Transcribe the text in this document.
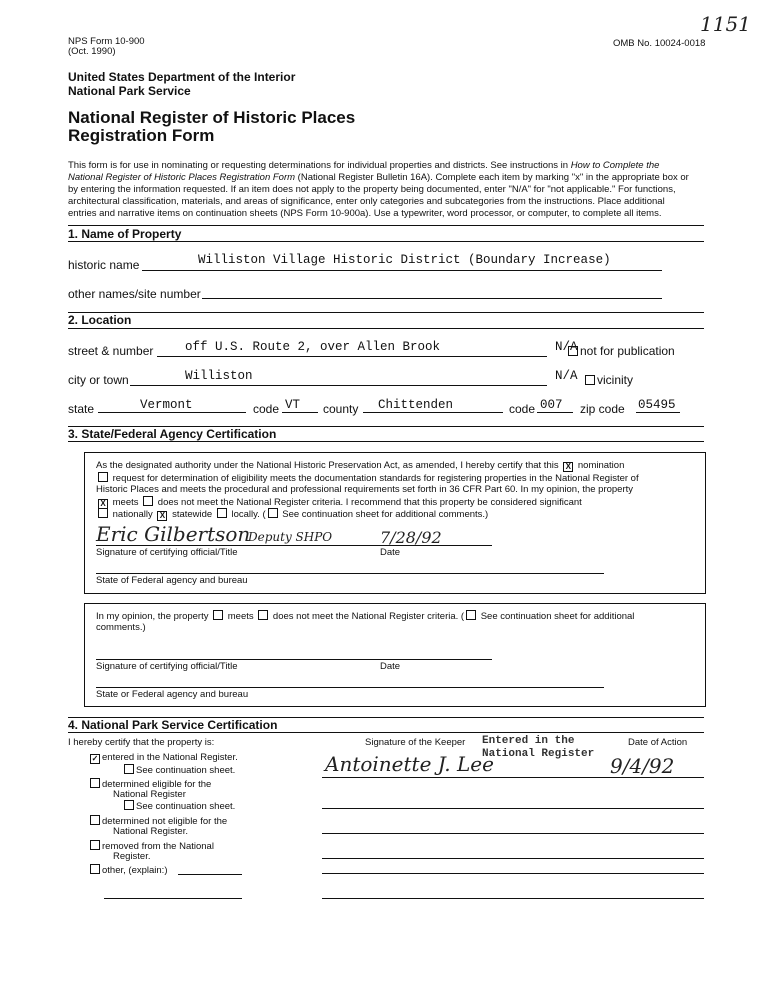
NPS Form 10-900
(Oct. 1990)
OMB No. 10024-0018
1151
United States Department of the Interior
National Park Service
National Register of Historic Places
Registration Form
This form is for use in nominating or requesting determinations for individual properties and districts. See instructions in How to Complete the
National Register of Historic Places Registration Form (National Register Bulletin 16A). Complete each item by marking "x" in the appropriate box or
by entering the information requested. If an item does not apply to the property being documented, enter "N/A" for "not applicable." For functions,
architectural classification, materials, and areas of significance, enter only categories and subcategories from the instructions. Place additional
entries and narrative items on continuation sheets (NPS Form 10-900a). Use a typewriter, word processor, or computer, to complete all items.
1. Name of Property
historic name	Williston Village Historic District (Boundary Increase)
other names/site number
2. Location
street & number	off U.S. Route 2, over Allen Brook	N/A not for publication
city or town	Williston	N/A	vicinity
state	Vermont	code VT county Chittenden	code 007 zip code 05495
3. State/Federal Agency Certification
As the designated authority under the National Historic Preservation Act, as amended, I hereby certify that this X nomination
request for determination of eligibility meets the documentation standards for registering properties in the National Register of
Historic Places and meets the procedural and professional requirements set forth in 36 CFR Part 60. In my opinion, the property
X meets does not meet the National Register criteria. I recommend that this property be considered significant
nationally X statewide locally. ( See continuation sheet for additional comments.)
Eric Gilbertson
Deputy SHPO	7/28/92
Signature of certifying official/Title	Date
State of Federal agency and bureau
In my opinion, the property meets does not meet the National Register criteria. ( See continuation sheet for additional
comments.)
Signature of certifying official/Title	Date
State or Federal agency and bureau
4. National Park Service Certification
I hereby certify that the property is:	Signature of the Keeper	Date of Action
Entered in the
National Register
Antoinette J. Lee	9/4/92
✓ entered in the National Register.
See continuation sheet.
determined eligible for the
National Register
See continuation sheet.
determined not eligible for the
National Register.
removed from the National
Register.
other, (explain:)
